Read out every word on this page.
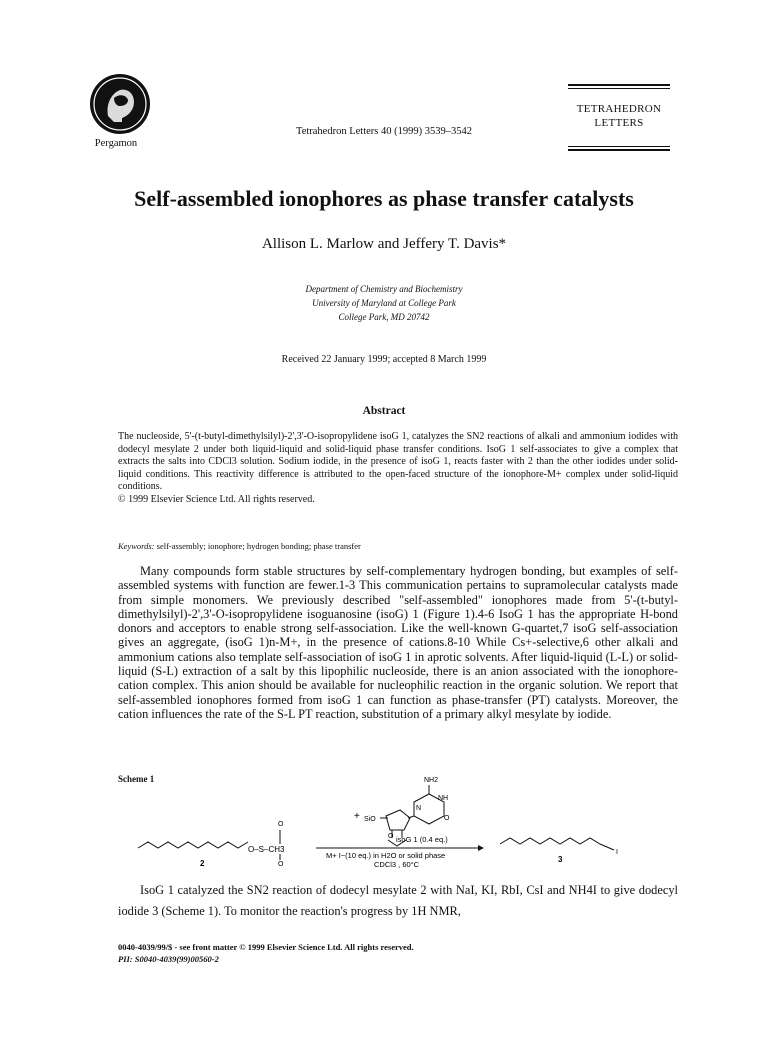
Pergamon
Tetrahedron Letters 40 (1999) 3539–3542
TETRAHEDRON
LETTERS
Self-assembled ionophores as phase transfer catalysts
Allison L. Marlow and Jeffery T. Davis*
Department of Chemistry and Biochemistry
University of Maryland at College Park
College Park, MD 20742
Received 22 January 1999; accepted 8 March 1999
Abstract
The nucleoside, 5'-(t-butyl-dimethylsilyl)-2',3'-O-isopropylidene isoG 1, catalyzes the SN2 reactions of alkali and ammonium iodides with dodecyl mesylate 2 under both liquid-liquid and solid-liquid phase transfer conditions. IsoG 1 self-associates to give a complex that extracts the salts into CDCl3 solution. Sodium iodide, in the presence of isoG 1, reacts faster with 2 than the other iodides under solid-liquid conditions. This reactivity difference is attributed to the open-faced structure of the ionophore-M+ complex under solid-liquid conditions.
© 1999 Elsevier Science Ltd. All rights reserved.
Keywords: self-assembly; ionophore; hydrogen bonding; phase transfer

Many compounds form stable structures by self-complementary hydrogen bonding, but examples of self-assembled systems with function are fewer.1-3 This communication pertains to supramolecular catalysts made from simple monomers. We previously described "self-assembled" ionophores made from 5'-(t-butyl-dimethylsilyl)-2',3'-O-isopropylidene isoguanosine (isoG) 1 (Figure 1).4-6 IsoG 1 has the appropriate H-bond donors and acceptors to enable strong self-association. Like the well-known G-quartet,7 isoG self-association gives an aggregate, (isoG 1)n-M+, in the presence of cations.8-10 While Cs+-selective,6 other alkali and ammonium cations also template self-association of isoG 1 in aprotic solvents. After liquid-liquid (L-L) or solid-liquid (S-L) extraction of a salt by this lipophilic nucleoside, there is an anion associated with the ionophore-cation complex. This anion should be available for nucleophilic reaction in the organic solution. We report that self-assembled ionophores formed from isoG 1 can function as phase-transfer (PT) catalysts. Moreover, the cation influences the rate of the S-L PT reaction, substitution of a primary alkyl mesylate by iodide.

Scheme 1	NH2
NH
N
O
+ SiO
O
O–S–CH3
O
O
2
isoG 1 (0.4 eq.)
M+ I−(10 eq.) in H2O or solid phase
CDCl3 , 60°C
I
3

IsoG 1 catalyzed the SN2 reaction of dodecyl mesylate 2 with NaI, KI, RbI, CsI and NH4I to give dodecyl iodide 3 (Scheme 1). To monitor the reaction's progress by 1H NMR,

0040-4039/99/$ - see front matter © 1999 Elsevier Science Ltd. All rights reserved.
PII: S0040-4039(99)00560-2
